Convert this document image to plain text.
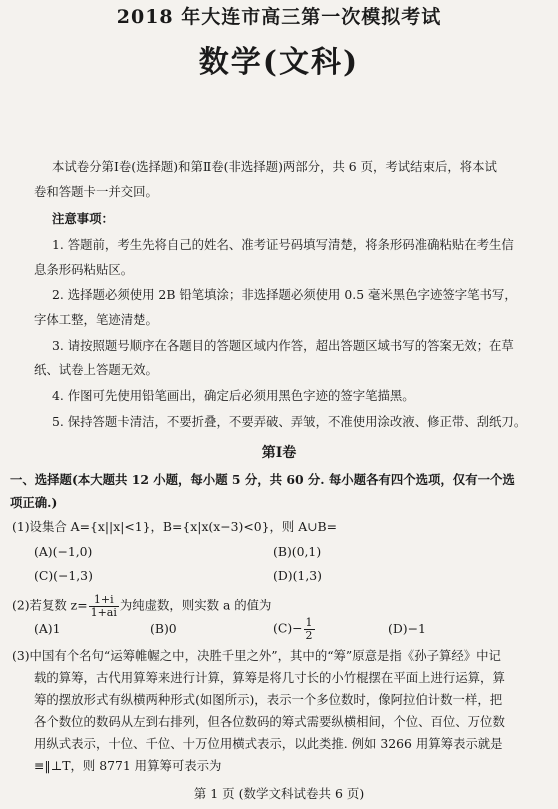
2018 年大连市高三第一次模拟考试
数学(文科)
本试卷分第Ⅰ卷(选择题)和第Ⅱ卷(非选择题)两部分，共 6 页，考试结束后，将本试
卷和答题卡一并交回。
注意事项：
1. 答题前，考生先将自己的姓名、准考证号码填写清楚，将条形码准确粘贴在考生信
息条形码粘贴区。
2. 选择题必须使用 2B 铅笔填涂；非选择题必须使用 0.5 毫米黑色字迹签字笔书写，
字体工整，笔迹清楚。
3. 请按照题号顺序在各题目的答题区域内作答，超出答题区域书写的答案无效；在草
纸、试卷上答题无效。
4. 作图可先使用铅笔画出，确定后必须用黑色字迹的签字笔描黑。
5. 保持答题卡清洁，不要折叠，不要弄破、弄皱，不准使用涂改液、修正带、刮纸刀。
第Ⅰ卷
一、选择题(本大题共 12 小题，每小题 5 分，共 60 分. 每小题各有四个选项，仅有一个选
项正确.)
(1)设集合 A={x||x|<1}，B={x|x(x−3)<0}，则 A∪B=
(A)(−1,0)	(B)(0,1)
(C)(−1,3)	(D)(1,3)
(2)若复数 $z= \frac{1+i}{1+ai}$ 为纯虚数，则实数 a 的值为
(A)1	(B)0	$(C)- \frac{1}{2}$	(D)−1
(3)中国有个名句“运筹帷幄之中，决胜千里之外”，其中的“筹”原意是指《孙子算经》中记
载的算筹，古代用算筹来进行计算，算筹是将几寸长的小竹棍摆在平面上进行运算，算
筹的摆放形式有纵横两种形式(如图所示)，表示一个多位数时，像阿拉伯计数一样，把
各个数位的数码从左到右排列，但各位数码的筹式需要纵横相间，个位、百位、万位数
用纵式表示，十位、千位、十万位用横式表示，以此类推. 例如 3266 用算筹表示就是
≡‖⊥T，则 8771 用算筹可表示为
第 1 页 (数学文科试卷共 6 页)
